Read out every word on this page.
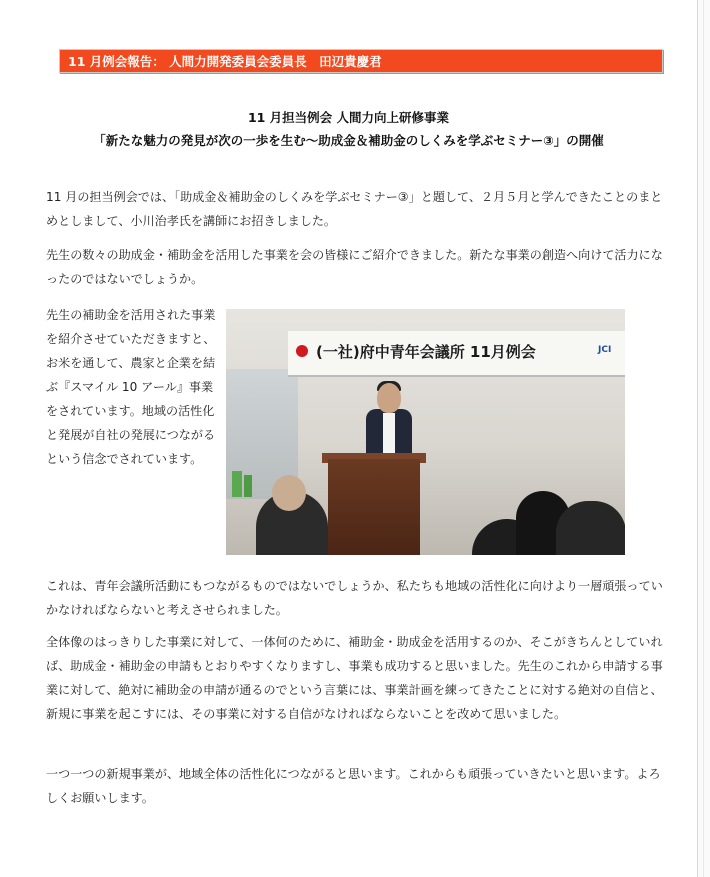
11 月例会報告： 人間力開発委員会委員長　田辺貴慶君
11 月担当例会 人間力向上研修事業
「新たな魅力の発見が次の一歩を生む～助成金＆補助金のしくみを学ぶセミナー③」の開催

11 月の担当例会では、「助成金＆補助金のしくみを学ぶセミナー③」と題して、２月５月と学んできたことのまとめとしまして、小川治孝氏を講師にお招きしました。

先生の数々の助成金・補助金を活用した事業を会の皆様にご紹介できました。新たな事業の創造へ向けて活力になったのではないでしょうか。

先生の補助金を活用された事業を紹介させていただきますと、お米を通して、農家と企業を結ぶ『スマイル 10 アール』事業をされています。地域の活性化と発展が自社の発展につながるという信念でされています。

(一社)府中青年会議所 11月例会	JCI

これは、青年会議所活動にもつながるものではないでしょうか、私たちも地域の活性化に向けより一層頑張っていかなければならないと考えさせられました。

全体像のはっきりした事業に対して、一体何のために、補助金・助成金を活用するのか、そこがきちんとしていれば、助成金・補助金の申請もとおりやすくなりますし、事業も成功すると思いました。先生のこれから申請する事業に対して、絶対に補助金の申請が通るのでという言葉には、事業計画を練ってきたことに対する絶対の自信と、新規に事業を起こすには、その事業に対する自信がなければならないことを改めて思いました。

一つ一つの新規事業が、地域全体の活性化につながると思います。これからも頑張っていきたいと思います。よろしくお願いします。
